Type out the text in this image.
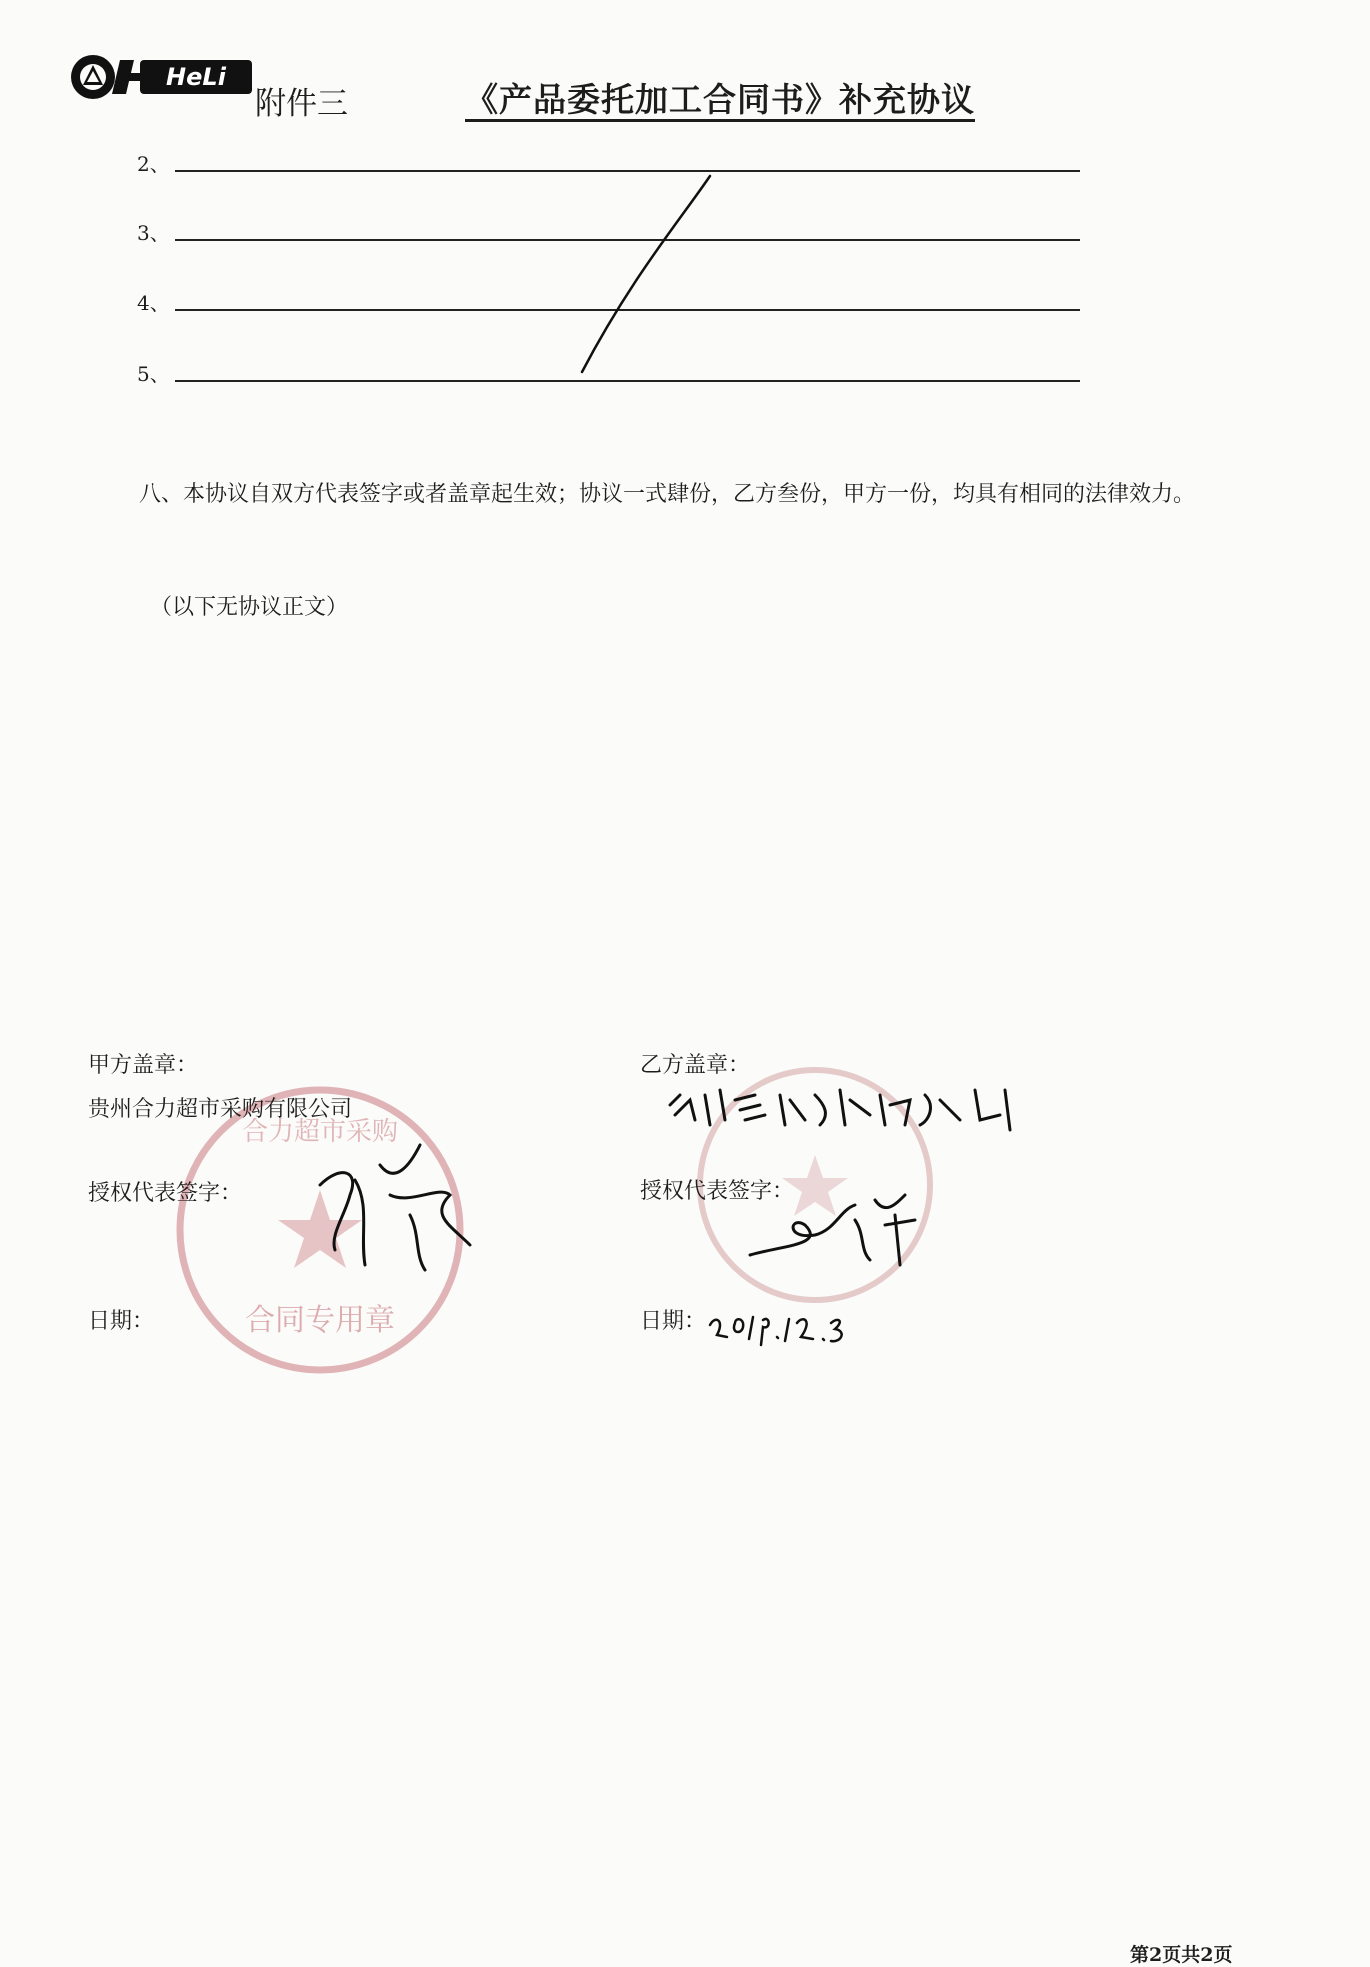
HeLi
附件三	《产品委托加工合同书》补充协议
2、
3、
4、
5、

八、本协议自双方代表签字或者盖章起生效；协议一式肆份，乙方叁份，甲方一份，均具有相同的法律效力。

（以下无协议正文）
合同专用章
合力超市采购
甲方盖章：
贵州合力超市采购有限公司
授权代表签字：
日期：
乙方盖章：
授权代表签字：
日期：
第2页共2页
